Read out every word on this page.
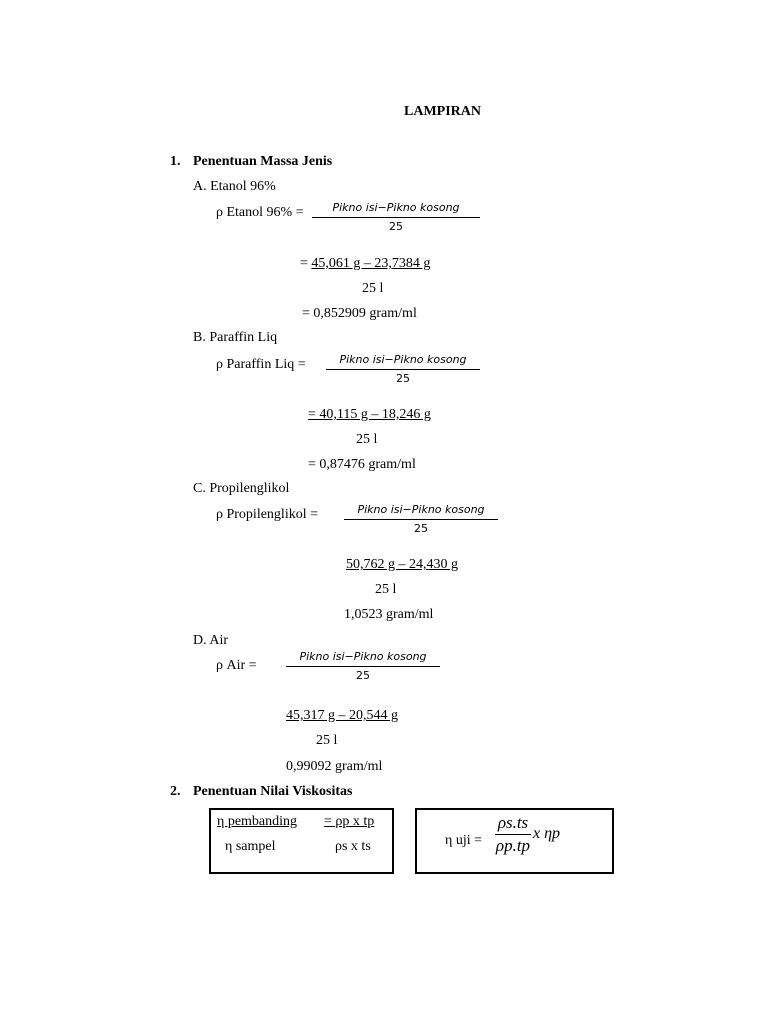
LAMPIRAN
1. Penentuan Massa Jenis
A. Etanol 96%
ρ Etanol 96% =	Pikno isi−Pikno kosong
25
= 45,061 g – 23,7384 g
25 l
= 0,852909 gram/ml
B. Paraffin Liq
ρ Paraffin Liq =	Pikno isi−Pikno kosong
25
= 40,115 g – 18,246 g
25 l
= 0,87476 gram/ml
C. Propilenglikol
ρ Propilenglikol =	Pikno isi−Pikno kosong
25
50,762 g – 24,430 g
25 l
1,0523 gram/ml
D. Air
ρ Air =
Pikno isi−Pikno kosong
25
45,317 g – 20,544 g
25 l
0,99092 gram/ml
2. Penentuan Nilai Viskositas
η pembanding = ρp x tp
η sampel	ρs x ts	η uji =
ρs.ts
ρp.tp
x ηp
